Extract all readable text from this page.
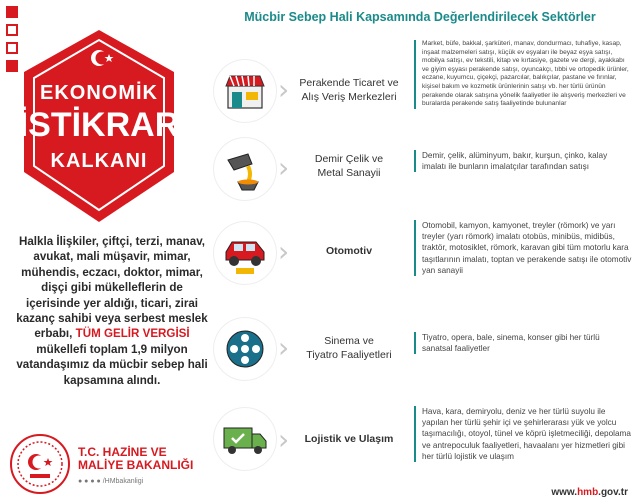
EKONOMİK
İSTİKRAR
KALKANI
Halkla İlişkiler, çiftçi, terzi, manav, avukat, mali müşavir, mimar, mühendis, eczacı, doktor, mimar, dişçi gibi mükelleflerin de içerisinde yer aldığı, ticari, zirai kazanç sahibi veya serbest meslek erbabı, TÜM GELİR VERGİSİ mükellefi toplam 1,9 milyon vatandaşımız da mücbir sebep hali kapsamına alındı.
T.C. HAZİNE VE
MALİYE BAKANLIĞI
● ● ● ● /HMbakanligi
Mücbir Sebep Hali Kapsamında Değerlendirilecek Sektörler
› Perakende Ticaret ve
Alış Veriş Merkezleri
Market, büfe, bakkal, şarküteri, manav, dondurmacı, tuhafiye, kasap, inşaat malzemeleri satışı, küçük ev eşyaları ile beyaz eşya satışı, mobilya satışı, ev tekstili, kitap ve kırtasiye, gazete ve dergi, ayakkabı ve giyim eşyası perakende satışı, oyuncakçı, tıbbi ve ortopedik ürünler, eczane, kuyumcu, çiçekçi, pazarcılar, balıkçılar, pastane ve fırınlar, kişisel bakım ve kozmetik ürünlerinin satışı vb. her türlü ürünün perakende olarak satışına yönelik faaliyetler ile alışveriş merkezleri ve buralarda perakende satış faaliyetinde bulunanlar
›	Demir Çelik ve
Metal Sanayii
Demir, çelik, alüminyum, bakır, kurşun, çinko, kalay imalatı ile bunların imalatçılar tarafından satışı
›	Otomotiv
Otomobil, kamyon, kamyonet, treyler (römork) ve yarı treyler (yarı römork) imalatı otobüs, minibüs, midibüs, traktör, motosiklet, römork, karavan gibi tüm motorlu kara taşıtlarının imalatı, toptan ve perakende satışı ile otomotiv yan sanayii
›	Sinema ve
Tiyatro Faaliyetleri
Tiyatro, opera, bale, sinema, konser gibi her türlü sanatsal faaliyetler
›	Lojistik ve Ulaşım
Hava, kara, demiryolu, deniz ve her türlü suyolu ile yapılan her türlü şehir içi ve şehirlerarası yük ve yolcu taşımacılığı, otoyol, tünel ve köprü işletmeciliği, depolama ve antrepoculuk faaliyetleri, havaalanı yer hizmetleri gibi her türlü lojistik ve ulaşım
www.hmb.gov.tr
